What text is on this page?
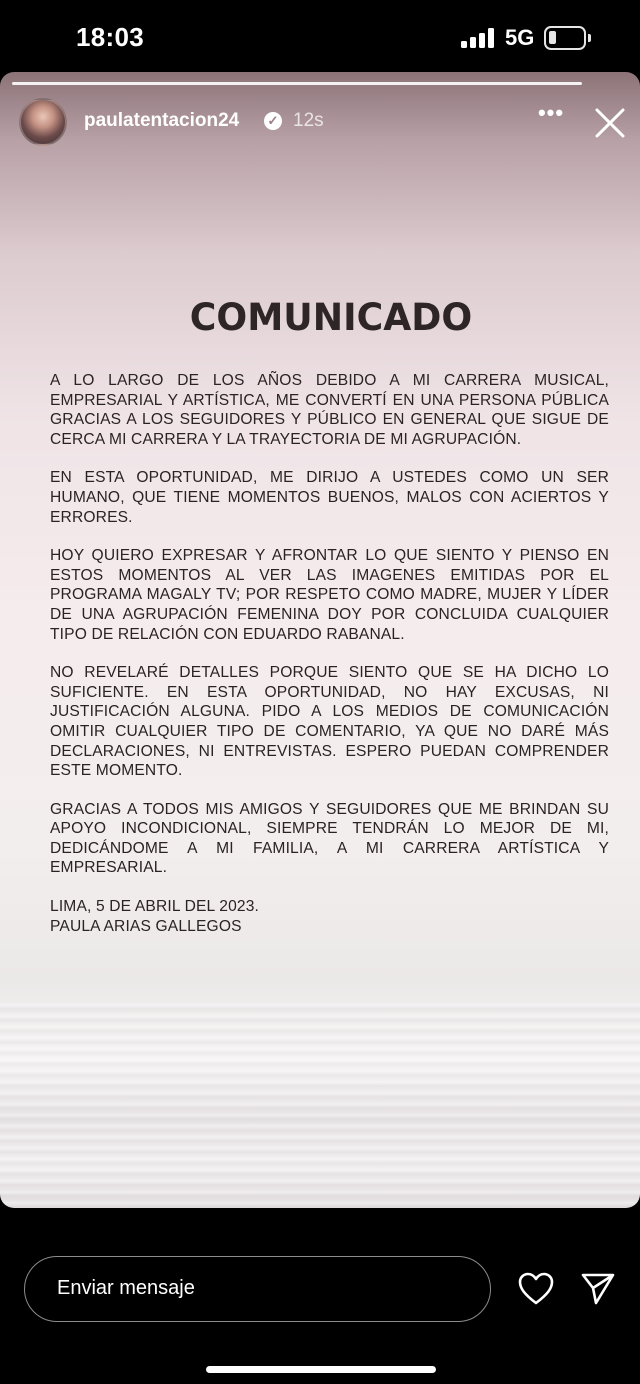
18:03	5G
paulatentacion24 ✓ 12s	•••
COMUNICADO

A LO LARGO DE LOS AÑOS DEBIDO A MI CARRERA MUSICAL, EMPRESARIAL Y ARTÍSTICA, ME CONVERTÍ EN UNA PERSONA PÚBLICA GRACIAS A LOS SEGUIDORES Y PÚBLICO EN GENERAL QUE SIGUE DE CERCA MI CARRERA Y LA TRAYECTORIA DE MI AGRUPACIÓN.

EN ESTA OPORTUNIDAD, ME DIRIJO A USTEDES COMO UN SER HUMANO, QUE TIENE MOMENTOS BUENOS, MALOS CON ACIERTOS Y ERRORES.

HOY QUIERO EXPRESAR Y AFRONTAR LO QUE SIENTO Y PIENSO EN ESTOS MOMENTOS AL VER LAS IMAGENES EMITIDAS POR EL PROGRAMA MAGALY TV; POR RESPETO COMO MADRE, MUJER Y LÍDER DE UNA AGRUPACIÓN FEMENINA DOY POR CONCLUIDA CUALQUIER TIPO DE RELACIÓN CON EDUARDO RABANAL.

NO REVELARÉ DETALLES PORQUE SIENTO QUE SE HA DICHO LO SUFICIENTE. EN ESTA OPORTUNIDAD, NO HAY EXCUSAS, NI JUSTIFICACIÓN ALGUNA. PIDO A LOS MEDIOS DE COMUNICACIÓN OMITIR CUALQUIER TIPO DE COMENTARIO, YA QUE NO DARÉ MÁS DECLARACIONES, NI ENTREVISTAS. ESPERO PUEDAN COMPRENDER ESTE MOMENTO.

GRACIAS A TODOS MIS AMIGOS Y SEGUIDORES QUE ME BRINDAN SU APOYO INCONDICIONAL, SIEMPRE TENDRÁN LO MEJOR DE MI, DEDICÁNDOME A MI FAMILIA, A MI CARRERA ARTÍSTICA Y EMPRESARIAL.

LIMA, 5 DE ABRIL DEL 2023.

PAULA ARIAS GALLEGOS

Enviar mensaje
